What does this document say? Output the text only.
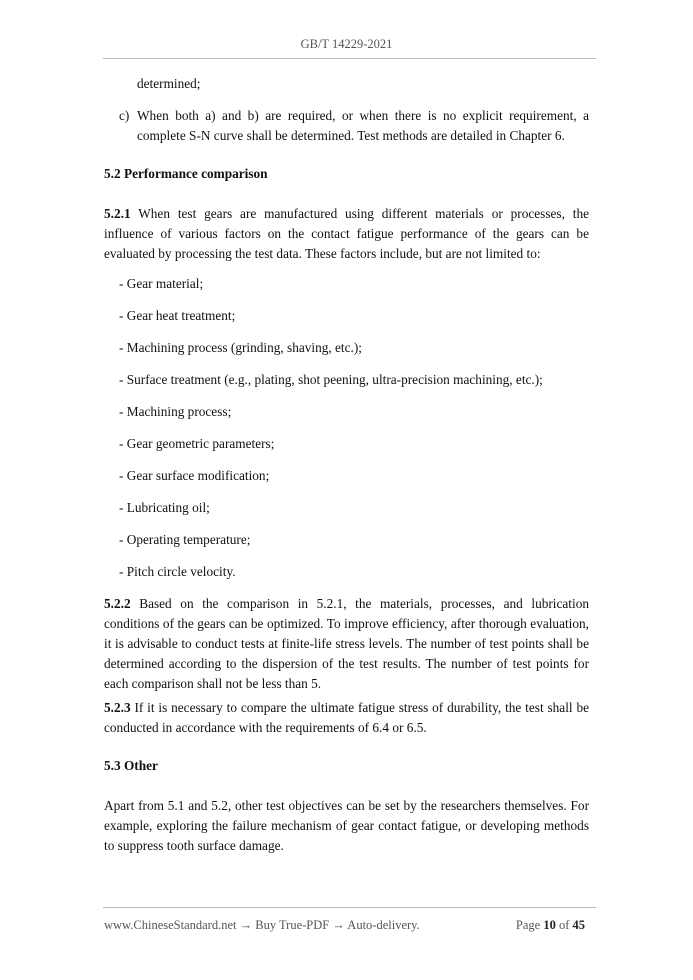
GB/T 14229-2021
determined;
c) When both a) and b) are required, or when there is no explicit requirement, a complete S-N curve shall be determined. Test methods are detailed in Chapter 6.
5.2 Performance comparison
5.2.1 When test gears are manufactured using different materials or processes, the influence of various factors on the contact fatigue performance of the gears can be evaluated by processing the test data. These factors include, but are not limited to:
- Gear material;
- Gear heat treatment;
- Machining process (grinding, shaving, etc.);
- Surface treatment (e.g., plating, shot peening, ultra-precision machining, etc.);
- Machining process;
- Gear geometric parameters;
- Gear surface modification;
- Lubricating oil;
- Operating temperature;
- Pitch circle velocity.
5.2.2 Based on the comparison in 5.2.1, the materials, processes, and lubrication conditions of the gears can be optimized. To improve efficiency, after thorough evaluation, it is advisable to conduct tests at finite-life stress levels. The number of test points shall be determined according to the dispersion of the test results. The number of test points for each comparison shall not be less than 5.
5.2.3 If it is necessary to compare the ultimate fatigue stress of durability, the test shall be conducted in accordance with the requirements of 6.4 or 6.5.
5.3 Other
Apart from 5.1 and 5.2, other test objectives can be set by the researchers themselves. For example, exploring the failure mechanism of gear contact fatigue, or developing methods to suppress tooth surface damage.
www.ChineseStandard.net → Buy True-PDF → Auto-delivery.	Page 10 of 45
